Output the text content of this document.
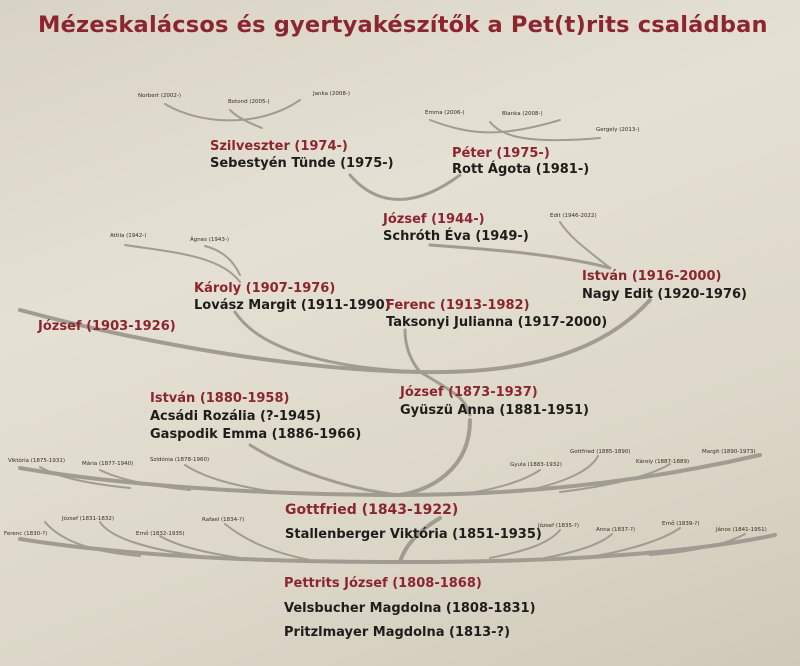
Mézeskalácsos és gyertyakészítők a Pet(t)rits családban
Norbert (2002-)
Botond (2005-)
Janka (2008-)
Emma (2006-)	Blanka (2008-)
Gergely (2013-)
Szilveszter (1974-)
Sebestyén Tünde (1975-)
Péter (1975-)
Rott Ágota (1981-)
József (1944-)
Schróth Éva (1949-)
Edit (1946-2022)
Attila (1942-)
Ágnes (1943-)
Károly (1907-1976)
Lovász Margit (1911-1990)
István (1916-2000)
Nagy Edit (1920-1976)
Ferenc (1913-1982)
Taksonyi Julianna (1917-2000)
József (1903-1926)
István (1880-1958)
Acsádi Rozália (?-1945)
Gaspodik Emma (1886-1966)
József (1873-1937)
Gyüszü Anna (1881-1951)
Viktória (1875-1931)	Mária (1877-1940)
Szidónia (1878-1960)
Gyula (1883-1932)
Gottfried (1885-1890)
Károly (1887-1889)
Margit (1890-1973)
Gottfried (1843-1922)
Stallenberger Viktória (1851-1935)
Ferenc (1830-?)
József (1831-1832)
Ernő (1832-1935)
Rafael (1834-?)
József (1835-?)
Anna (1837-?)
Ernő (1839-?)
János (1841-1951)
Pettrits József (1808-1868)
Velsbucher Magdolna (1808-1831)
Pritzlmayer Magdolna (1813-?)
